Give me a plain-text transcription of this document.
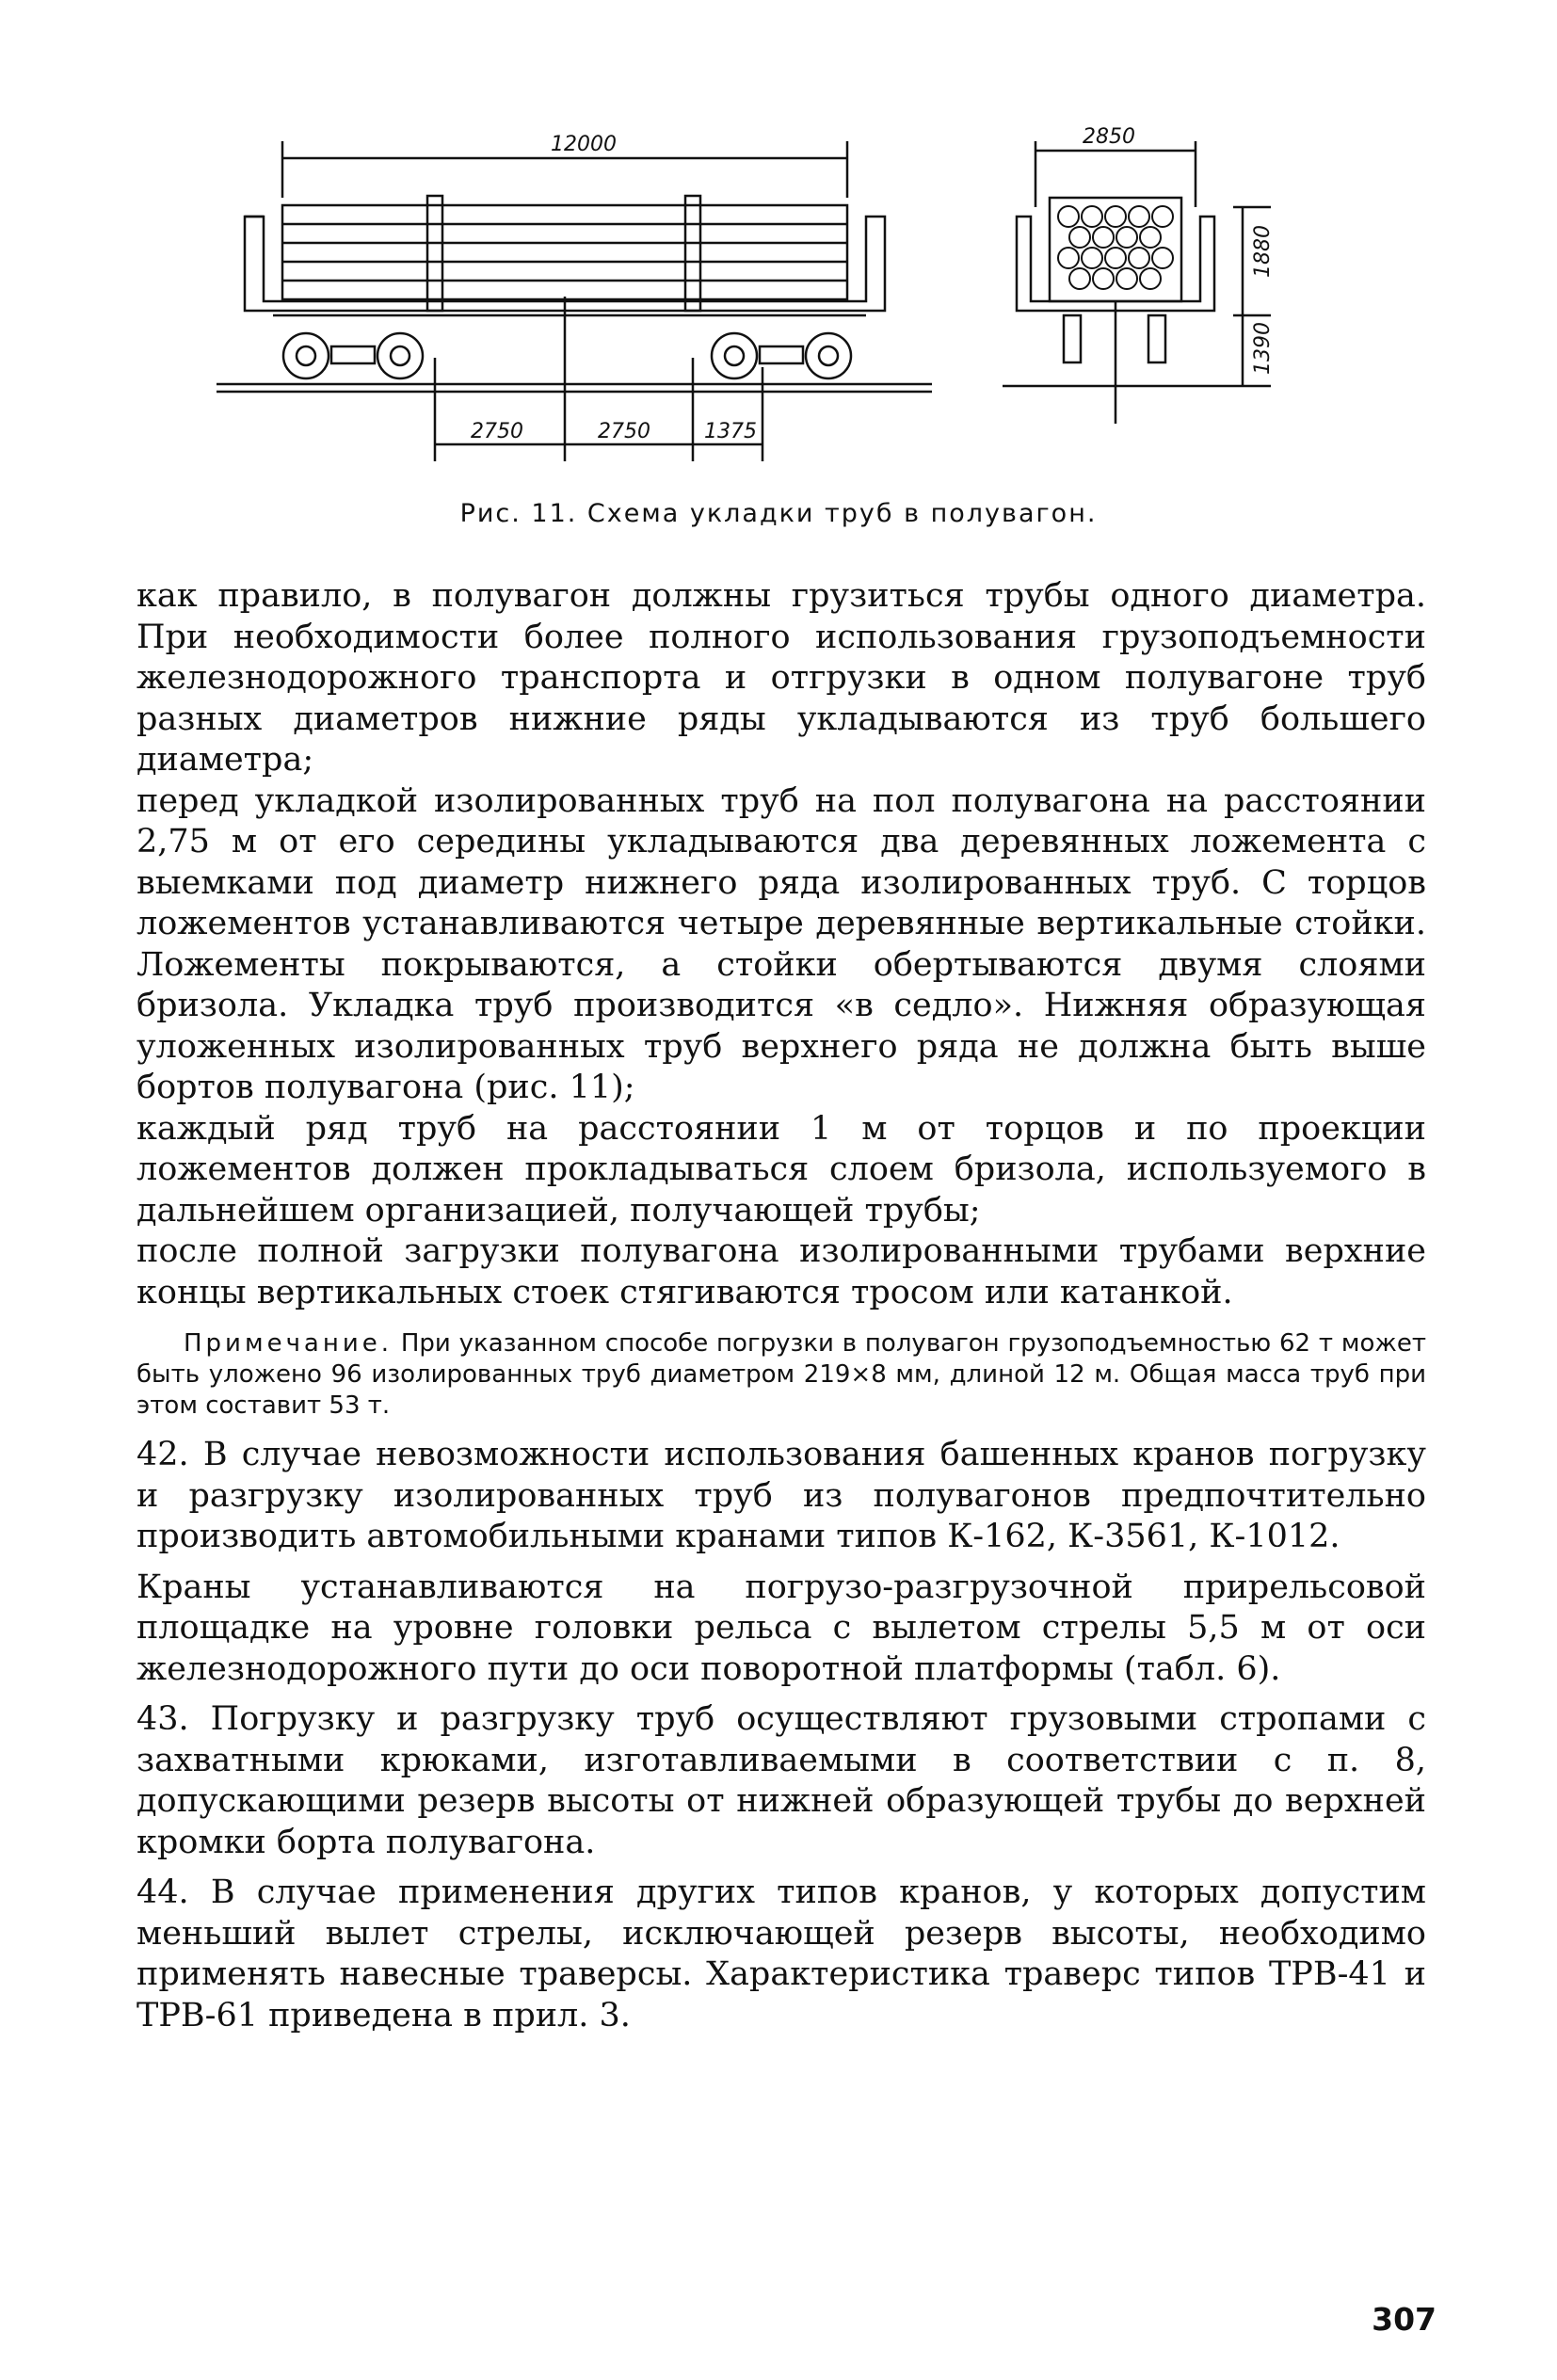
12000	2850
1880
1390
2750	2750	1375
Рис. 11. Схема укладки труб в полувагон.

как правило, в полувагон должны грузиться трубы одного диаметра. При необходимости более полного использования грузоподъемности железнодорожного транспорта и отгрузки в одном полувагоне труб разных диаметров нижние ряды укладываются из труб большего диаметра;

перед укладкой изолированных труб на пол полувагона на расстоянии 2,75 м от его середины укладываются два деревянных ложемента с выемками под диаметр нижнего ряда изолированных труб. С торцов ложементов устанавливаются четыре деревянные вертикальные стойки. Ложементы покрываются, а стойки обертываются двумя слоями бризола. Укладка труб производится «в седло». Нижняя образующая уложенных изолированных труб верхнего ряда не должна быть выше бортов полувагона (рис. 11);

каждый ряд труб на расстоянии 1 м от торцов и по проекции ложементов должен прокладываться слоем бризола, используемого в дальнейшем организацией, получающей трубы;

после полной загрузки полувагона изолированными трубами верхние концы вертикальных стоек стягиваются тросом или катанкой.

Примечание. При указанном способе погрузки в полувагон грузоподъемностью 62 т может быть уложено 96 изолированных труб диаметром 219×8 мм, длиной 12 м. Общая масса труб при этом составит 53 т.

42. В случае невозможности использования башенных кранов погрузку и разгрузку изолированных труб из полувагонов предпочтительно производить автомобильными кранами типов К-162, К-3561, К-1012.

Краны устанавливаются на погрузо-разгрузочной прирельсовой площадке на уровне головки рельса с вылетом стрелы 5,5 м от оси железнодорожного пути до оси поворотной платформы (табл. 6).

43. Погрузку и разгрузку труб осуществляют грузовыми стропами с захватными крюками, изготавливаемыми в соответствии с п. 8, допускающими резерв высоты от нижней образующей трубы до верхней кромки борта полувагона.

44. В случае применения других типов кранов, у которых допустим меньший вылет стрелы, исключающей резерв высоты, необходимо применять навесные траверсы. Характеристика траверс типов ТРВ-41 и ТРВ-61 приведена в прил. 3.

307
